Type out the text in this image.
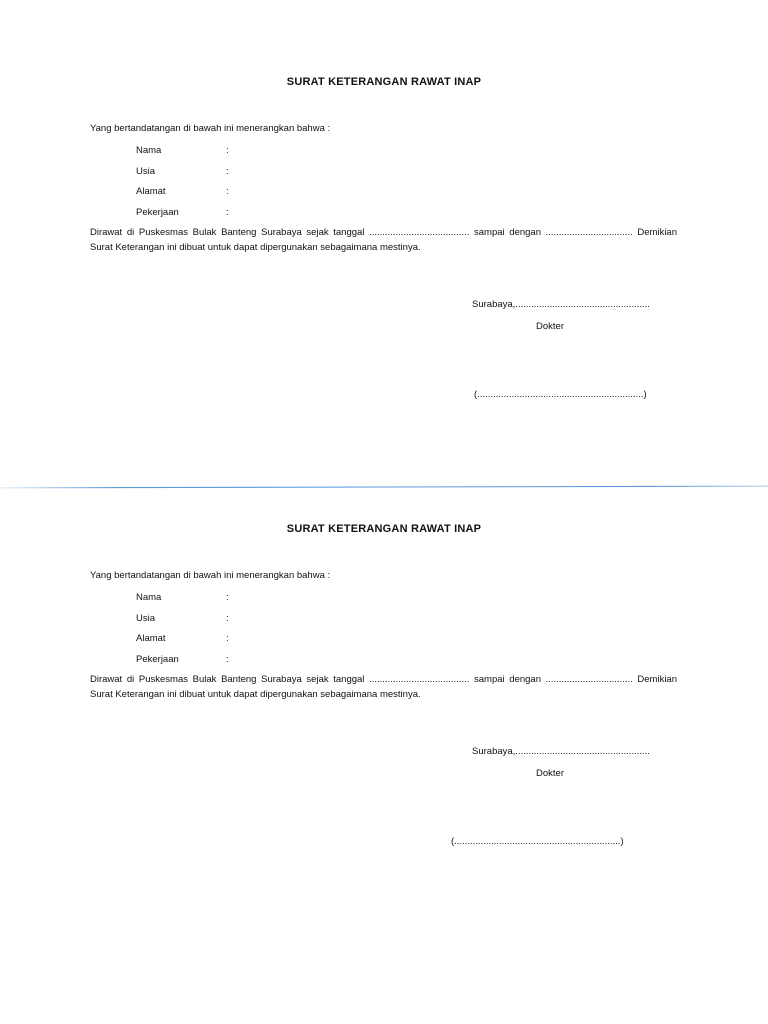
SURAT KETERANGAN RAWAT INAP
Yang bertandatangan di bawah ini menerangkan bahwa :
Nama	:
Usia	:
Alamat	:
Pekerjaan	:
Dirawat di Puskesmas Bulak Banteng Surabaya sejak tanggal ...................................... sampai dengan ................................. Demikian Surat Keterangan ini dibuat untuk dapat dipergunakan sebagaimana mestinya.
Surabaya,...................................................
Dokter
(...............................................................)
SURAT KETERANGAN RAWAT INAP
Yang bertandatangan di bawah ini menerangkan bahwa :
Nama	:
Usia	:
Alamat	:
Pekerjaan	:
Dirawat di Puskesmas Bulak Banteng Surabaya sejak tanggal ...................................... sampai dengan ................................. Demikian Surat Keterangan ini dibuat untuk dapat dipergunakan sebagaimana mestinya.
Surabaya,...................................................
Dokter
(...............................................................)
